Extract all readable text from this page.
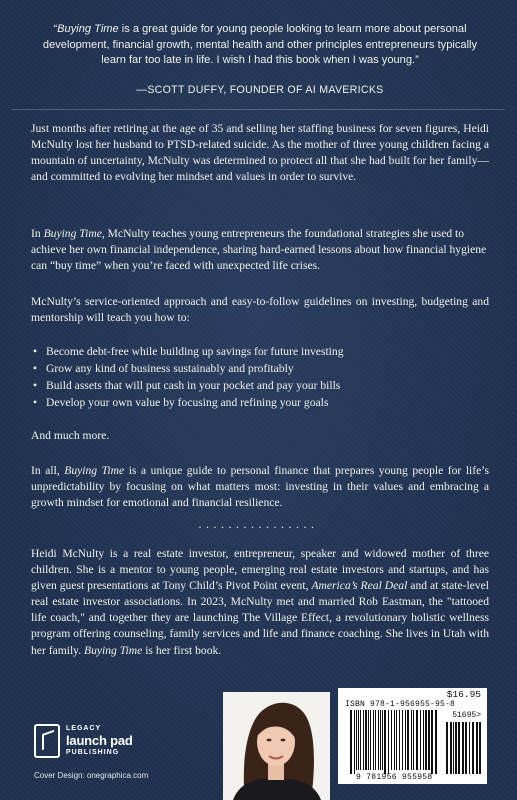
“Buying Time is a great guide for young people looking to learn more about personal development, financial growth, mental health and other principles entrepreneurs typically learn far too late in life. I wish I had this book when I was young.”

—SCOTT DUFFY, FOUNDER OF AI MAVERICKS

Just months after retiring at the age of 35 and selling her staffing business for seven figures, Heidi McNulty lost her husband to PTSD-related suicide. As the mother of three young children facing a mountain of uncertainty, McNulty was determined to protect all that she had built for her family—and committed to evolving her mindset and values in order to survive.

In Buying Time, McNulty teaches young entrepreneurs the foundational strategies she used to achieve her own financial independence, sharing hard-earned lessons about how financial hygiene can “buy time” when you’re faced with unexpected life crises.

McNulty’s service-oriented approach and easy-to-follow guidelines on investing, budgeting and mentorship will teach you how to:

• Become debt-free while building up savings for future investing
• Grow any kind of business sustainably and profitably
• Build assets that will put cash in your pocket and pay your bills
• Develop your own value by focusing and refining your goals

And much more.

In all, Buying Time is a unique guide to personal finance that prepares young people for life’s unpredictability by focusing on what matters most: investing in their values and embracing a growth mindset for emotional and financial resilience.

................

Heidi McNulty is a real estate investor, entrepreneur, speaker and widowed mother of three children. She is a mentor to young people, emerging real estate investors and startups, and has given guest presentations at Tony Child’s Pivot Point event, America’s Real Deal and at state-level real estate investor associations. In 2023, McNulty met and married Rob Eastman, the "tattooed life coach," and together they are launching The Village Effect, a revolutionary holistic wellness program offering counseling, family services and life and finance coaching. She lives in Utah with her family. Buying Time is her first book.

LEGACY
launch pad
PUBLISHING
Cover Design: onegraphica.com
$16.95
ISBN 978-1-956955-95-8
51695>
9 781956 955958
